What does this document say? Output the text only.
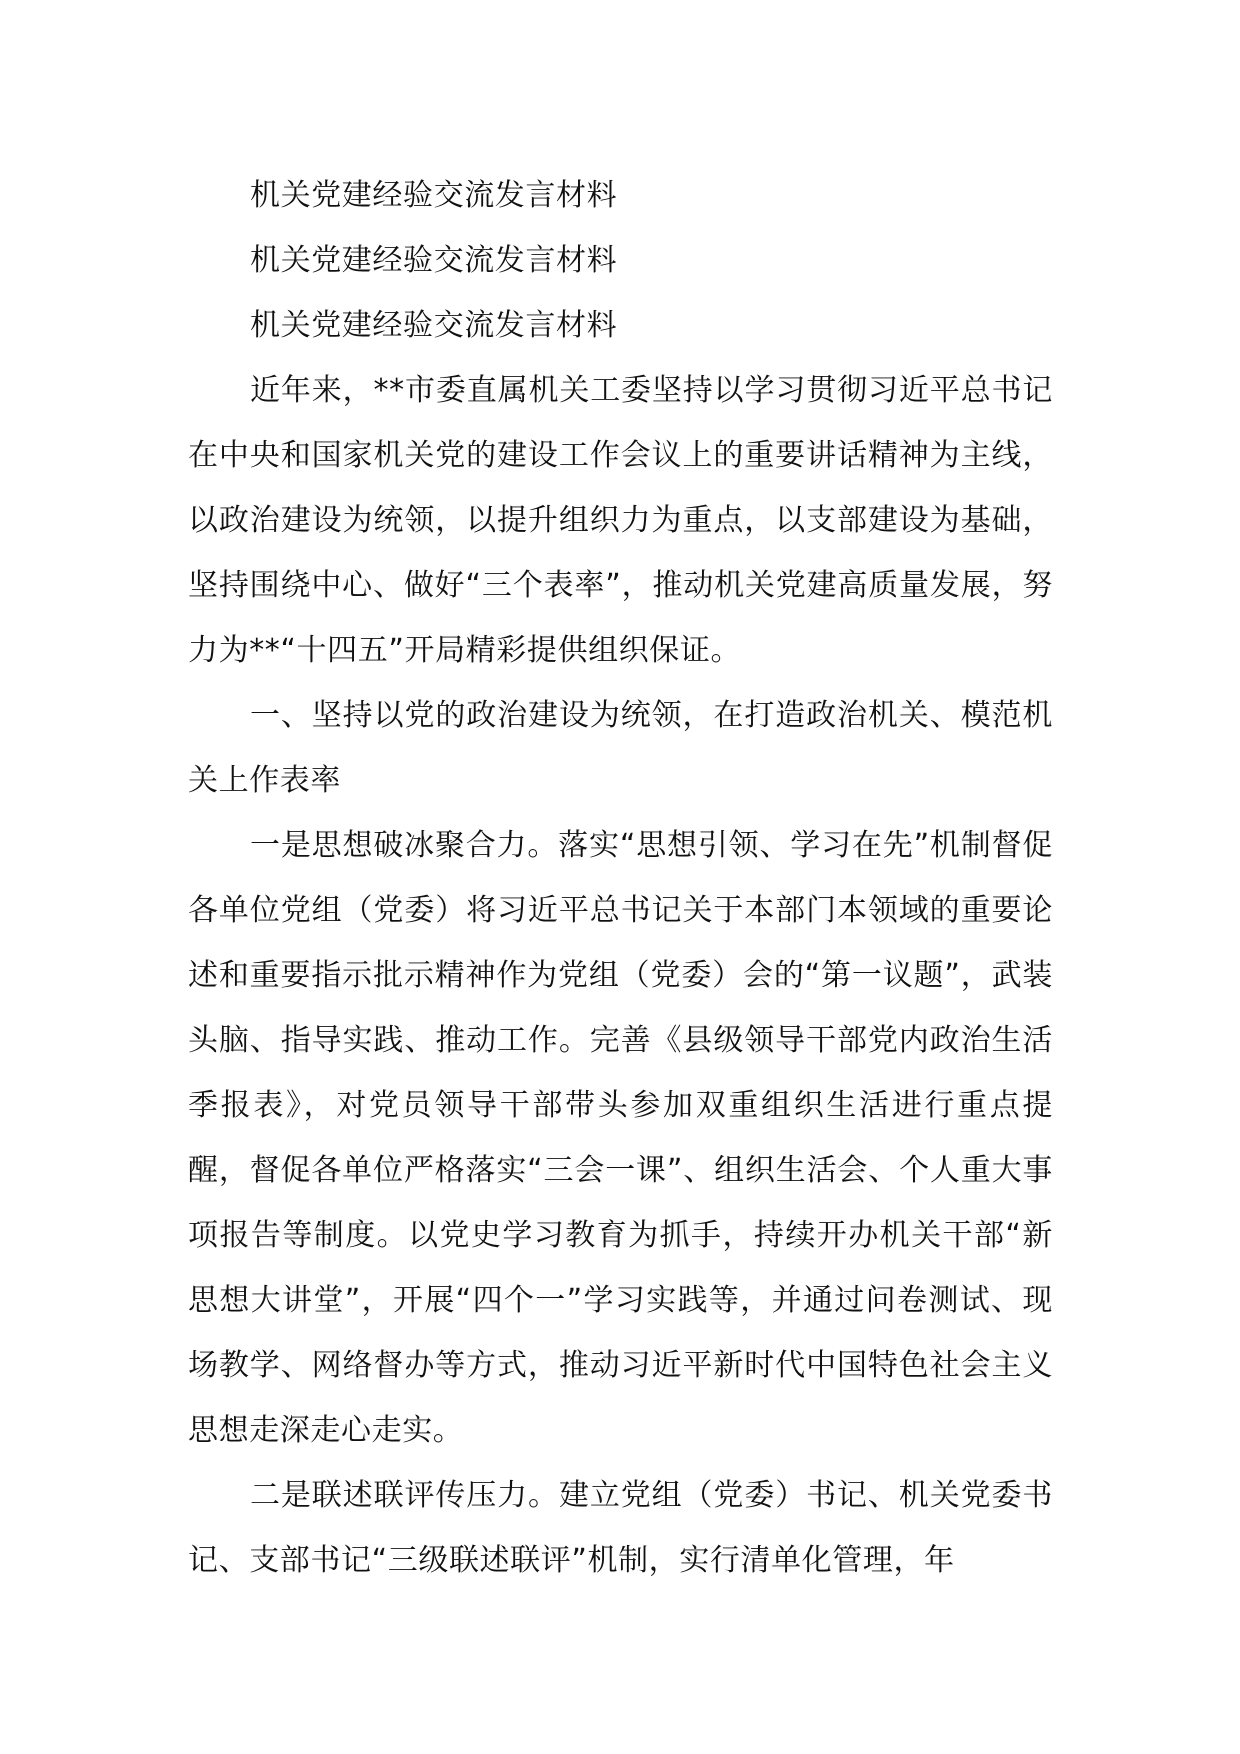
机关党建经验交流发言材料

机关党建经验交流发言材料

机关党建经验交流发言材料

近年来，**市委直属机关工委坚持以学习贯彻习近平总书记在中央和国家机关党的建设工作会议上的重要讲话精神为主线，以政治建设为统领，以提升组织力为重点，以支部建设为基础，坚持围绕中心、做好“三个表率”，推动机关党建高质量发展，努力为**“十四五”开局精彩提供组织保证。

一、坚持以党的政治建设为统领，在打造政治机关、模范机关上作表率

一是思想破冰聚合力。落实“思想引领、学习在先”机制督促各单位党组（党委）将习近平总书记关于本部门本领域的重要论述和重要指示批示精神作为党组（党委）会的“第一议题”，武装头脑、指导实践、推动工作。完善《县级领导干部党内政治生活季报表》，对党员领导干部带头参加双重组织生活进行重点提醒，督促各单位严格落实“三会一课”、组织生活会、个人重大事项报告等制度。以党史学习教育为抓手，持续开办机关干部“新思想大讲堂”，开展“四个一”学习实践等，并通过问卷测试、现场教学、网络督办等方式，推动习近平新时代中国特色社会主义思想走深走心走实。

二是联述联评传压力。建立党组（党委）书记、机关党委书记、支部书记“三级联述联评”机制，实行清单化管理，年
